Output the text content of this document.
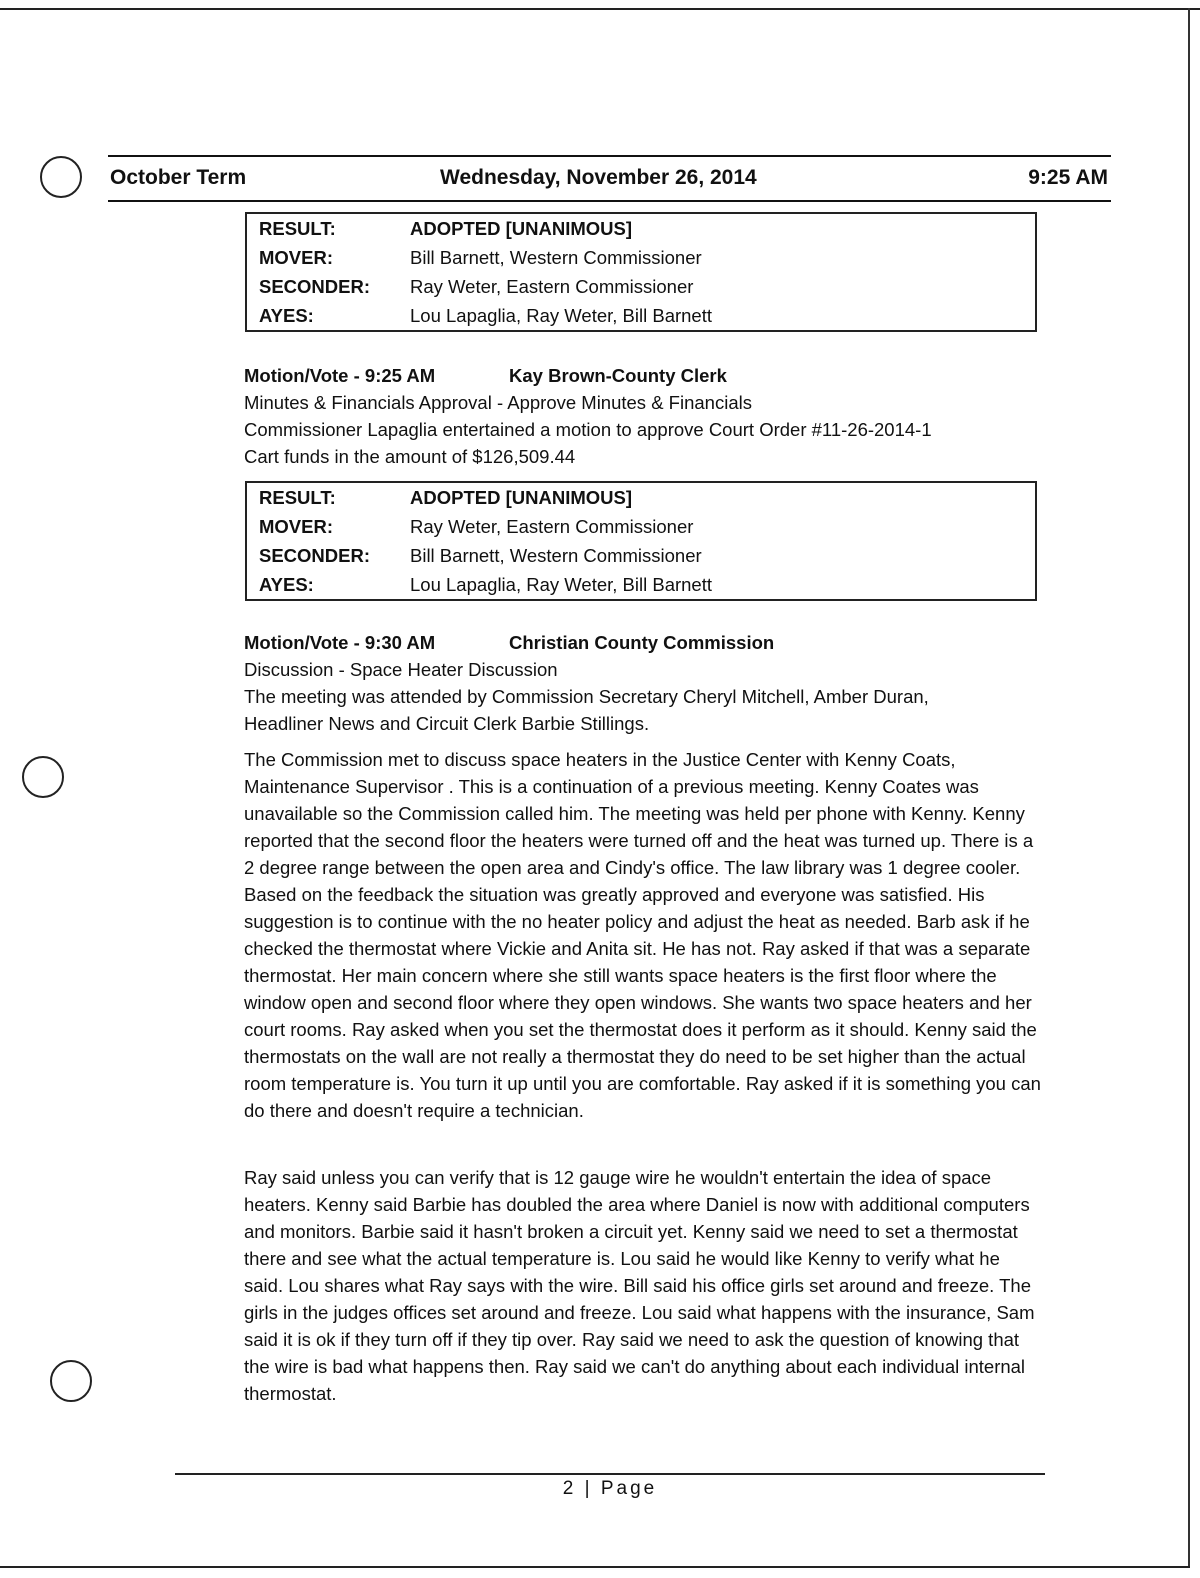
October Term	Wednesday, November 26, 2014	9:25 AM
RESULT:	ADOPTED [UNANIMOUS]
MOVER:	Bill Barnett, Western Commissioner
SECONDER: Ray Weter, Eastern Commissioner
AYES:	Lou Lapaglia, Ray Weter, Bill Barnett
Motion/Vote - 9:25 AM	Kay Brown-County Clerk
Minutes & Financials Approval - Approve Minutes & Financials
Commissioner Lapaglia entertained a motion to approve Court Order #11-26-2014-1
Cart funds in the amount of $126,509.44
RESULT:	ADOPTED [UNANIMOUS]
MOVER:	Ray Weter, Eastern Commissioner
SECONDER: Bill Barnett, Western Commissioner
AYES:	Lou Lapaglia, Ray Weter, Bill Barnett
Motion/Vote - 9:30 AM	Christian County Commission
Discussion - Space Heater Discussion
The meeting was attended by Commission Secretary Cheryl Mitchell, Amber Duran,
Headliner News and Circuit Clerk Barbie Stillings.

The Commission met to discuss space heaters in the Justice Center with Kenny Coats, Maintenance Supervisor . This is a continuation of a previous meeting. Kenny Coates was unavailable so the Commission called him. The meeting was held per phone with Kenny. Kenny reported that the second floor the heaters were turned off and the heat was turned up. There is a 2 degree range between the open area and Cindy's office. The law library was 1 degree cooler. Based on the feedback the situation was greatly approved and everyone was satisfied. His suggestion is to continue with the no heater policy and adjust the heat as needed. Barb ask if he checked the thermostat where Vickie and Anita sit. He has not. Ray asked if that was a separate thermostat. Her main concern where she still wants space heaters is the first floor where the window open and second floor where they open windows. She wants two space heaters and her court rooms. Ray asked when you set the thermostat does it perform as it should. Kenny said the thermostats on the wall are not really a thermostat they do need to be set higher than the actual room temperature is. You turn it up until you are comfortable. Ray asked if it is something you can do there and doesn't require a technician.

Ray said unless you can verify that is 12 gauge wire he wouldn't entertain the idea of space heaters. Kenny said Barbie has doubled the area where Daniel is now with additional computers and monitors. Barbie said it hasn't broken a circuit yet. Kenny said we need to set a thermostat there and see what the actual temperature is. Lou said he would like Kenny to verify what he said. Lou shares what Ray says with the wire. Bill said his office girls set around and freeze. The girls in the judges offices set around and freeze. Lou said what happens with the insurance, Sam said it is ok if they turn off if they tip over. Ray said we need to ask the question of knowing that the wire is bad what happens then. Ray said we can't do anything about each individual internal thermostat.

2 | Page
